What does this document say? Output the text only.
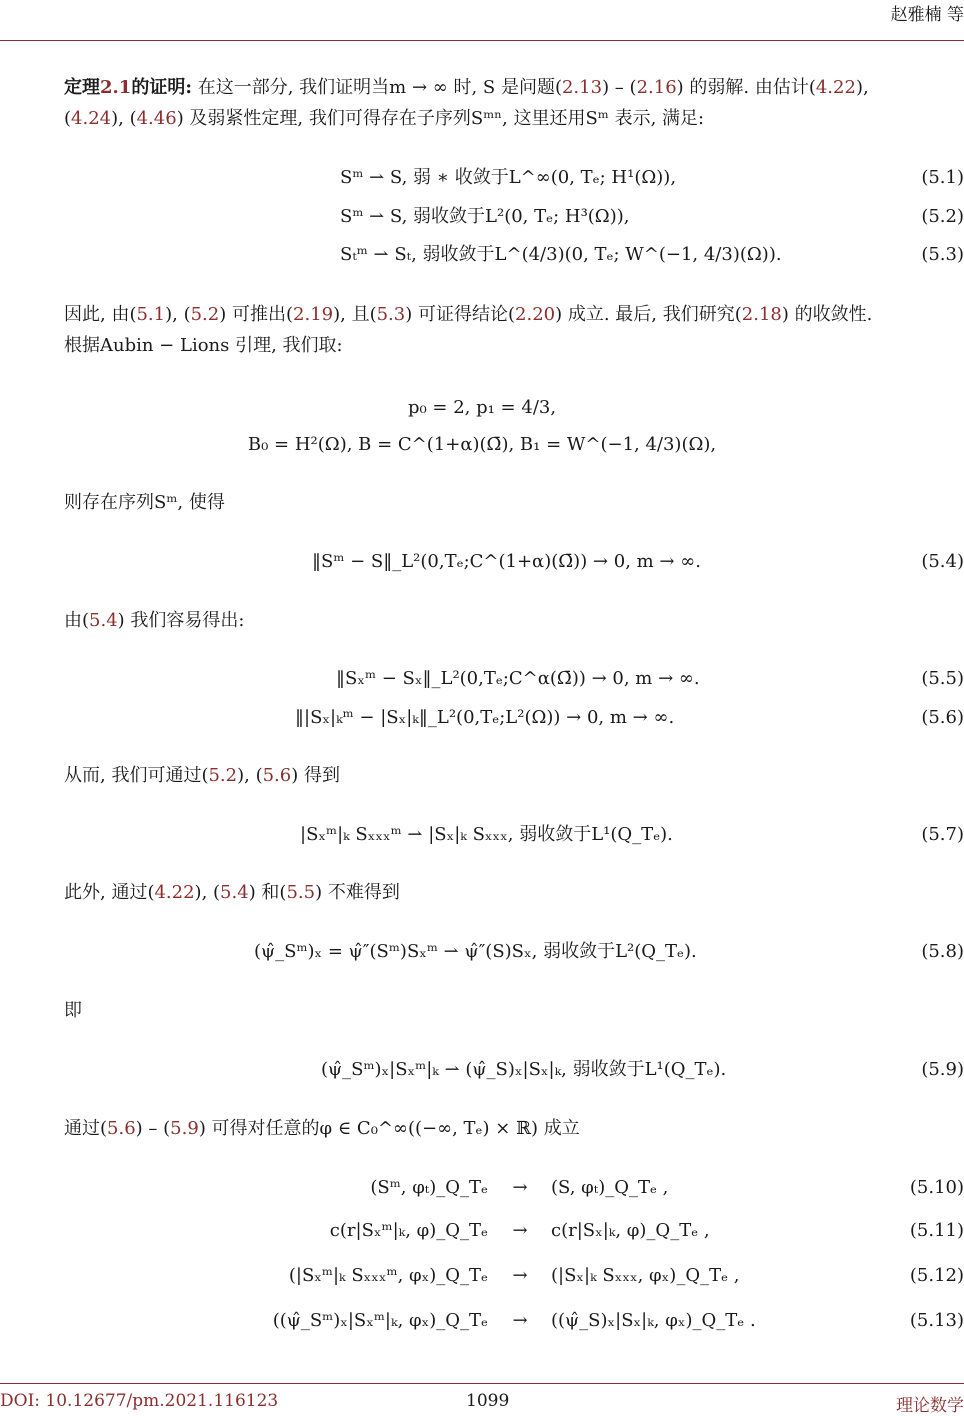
赵雅楠 等

定理2.1的证明: 在这一部分, 我们证明当m → ∞ 时, S 是问题(2.13) – (2.16) 的弱解. 由估计(4.22),
(4.24), (4.46) 及弱紧性定理, 我们可得存在子序列Sᵐⁿ, 这里还用Sᵐ 表示, 满足:

Sᵐ ⇀ S, 弱 ∗ 收敛于L^∞(0, Tₑ; H¹(Ω)),	(5.1)
Sᵐ ⇀ S, 弱收敛于L²(0, Tₑ; H³(Ω)),	(5.2)
Sₜᵐ ⇀ Sₜ, 弱收敛于L^(4/3)(0, Tₑ; W^(−1, 4/3)(Ω)).	(5.3)

因此, 由(5.1), (5.2) 可推出(2.19), 且(5.3) 可证得结论(2.20) 成立. 最后, 我们研究(2.18) 的收敛性.
根据Aubin − Lions 引理, 我们取:

p₀ = 2, p₁ = 4/3,
B₀ = H²(Ω), B = C^(1+α)(Ω̄), B₁ = W^(−1, 4/3)(Ω),

则存在序列Sᵐ, 使得

‖Sᵐ − S‖_L²(0,Tₑ;C^(1+α)(Ω̄)) → 0, m → ∞.	(5.4)

由(5.4) 我们容易得出:

‖Sₓᵐ − Sₓ‖_L²(0,Tₑ;C^α(Ω̄)) → 0, m → ∞.	(5.5)
‖|Sₓ|ₖᵐ − |Sₓ|ₖ‖_L²(0,Tₑ;L²(Ω)) → 0, m → ∞.	(5.6)

从而, 我们可通过(5.2), (5.6) 得到

|Sₓᵐ|ₖ Sₓₓₓᵐ ⇀ |Sₓ|ₖ Sₓₓₓ, 弱收敛于L¹(Q_Tₑ).	(5.7)

此外, 通过(4.22), (5.4) 和(5.5) 不难得到

(ψ̂_Sᵐ)ₓ = ψ̂″(Sᵐ)Sₓᵐ ⇀ ψ̂″(S)Sₓ, 弱收敛于L²(Q_Tₑ).	(5.8)

即

(ψ̂_Sᵐ)ₓ|Sₓᵐ|ₖ ⇀ (ψ̂_S)ₓ|Sₓ|ₖ, 弱收敛于L¹(Q_Tₑ).	(5.9)

通过(5.6) – (5.9) 可得对任意的φ ∈ C₀^∞((−∞, Tₑ) × ℝ) 成立

(Sᵐ, φₜ)_Q_Tₑ	→	(S, φₜ)_Q_Tₑ ,	(5.10)
c(r|Sₓᵐ|ₖ, φ)_Q_Tₑ	→	c(r|Sₓ|ₖ, φ)_Q_Tₑ ,	(5.11)
(|Sₓᵐ|ₖ Sₓₓₓᵐ, φₓ)_Q_Tₑ	→	(|Sₓ|ₖ Sₓₓₓ, φₓ)_Q_Tₑ ,	(5.12)
((ψ̂_Sᵐ)ₓ|Sₓᵐ|ₖ, φₓ)_Q_Tₑ	→	((ψ̂_S)ₓ|Sₓ|ₖ, φₓ)_Q_Tₑ .	(5.13)
DOI: 10.12677/pm.2021.116123	1099	理论数学
